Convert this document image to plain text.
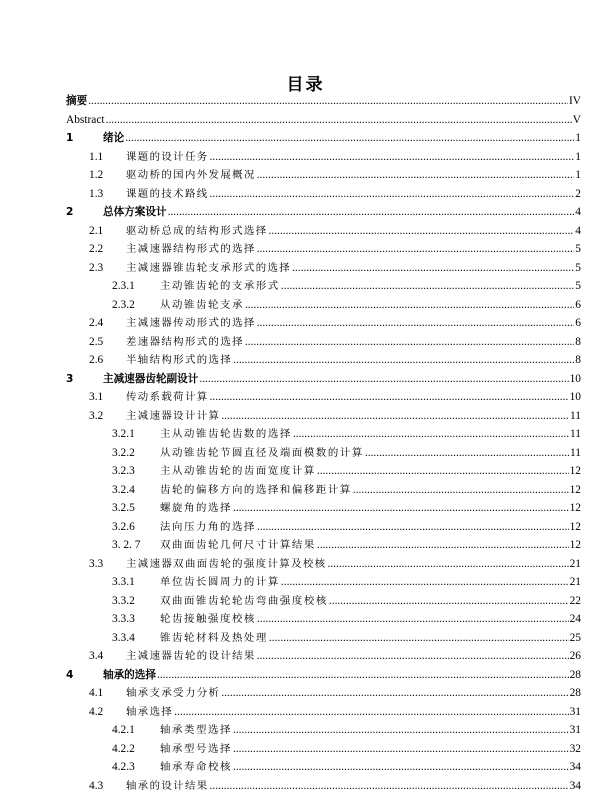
目录
摘要 .....	IV
Abstract .....	V
1	绪论 .....	1
1.1 课题的设计任务 .....	1
1.2 驱动桥的国内外发展概况 .....	1
1.3 课题的技术路线 .....	2
2	总体方案设计 .....	4
2.1 驱动桥总成的结构形式选择 .....	4
2.2 主减速器结构形式的选择 .....	5
2.3 主减速器锥齿轮支承形式的选择 .....	5
2.3.1 主动锥齿轮的支承形式 .....	5
2.3.2 从动锥齿轮支承 .....	6
2.4 主减速器传动形式的选择 .....	6
2.5 差速器结构形式的选择 .....	8
2.6 半轴结构形式的选择 .....	8
3	主减速器齿轮副设计 .....	10
3.1 传动系载荷计算 .....	10
3.2 主减速器设计计算 .....	11
3.2.1 主从动锥齿轮齿数的选择 .....	11
3.2.2 从动锥齿轮节圆直径及端面模数的计算 .....	11
3.2.3 主从动锥齿轮的齿面宽度计算 .....	12
3.2.4 齿轮的偏移方向的选择和偏移距计算 .....	12
3.2.5 螺旋角的选择 .....	12
3.2.6 法向压力角的选择 .....	12
3. 2. 7 双曲面齿轮几何尺寸计算结果 .....	12
3.3 主减速器双曲面齿轮的强度计算及校核 .....	21
3.3.1 单位齿长圆周力的计算 .....	21
3.3.2 双曲面锥齿轮轮齿弯曲强度校核 .....	22
3.3.3 轮齿接触强度校核 .....	24
3.3.4 锥齿轮材料及热处理 .....	25
3.4 主减速器齿轮的设计结果 .....	26
4	轴承的选择 .....	28
4.1 轴承支承受力分析 .....	28
4.2 轴承选择 .....	31
4.2.1 轴承类型选择 .....	31
4.2.2 轴承型号选择 .....	32
4.2.3 轴承寿命校核 .....	34
4.3 轴承的设计结果 .....	34
